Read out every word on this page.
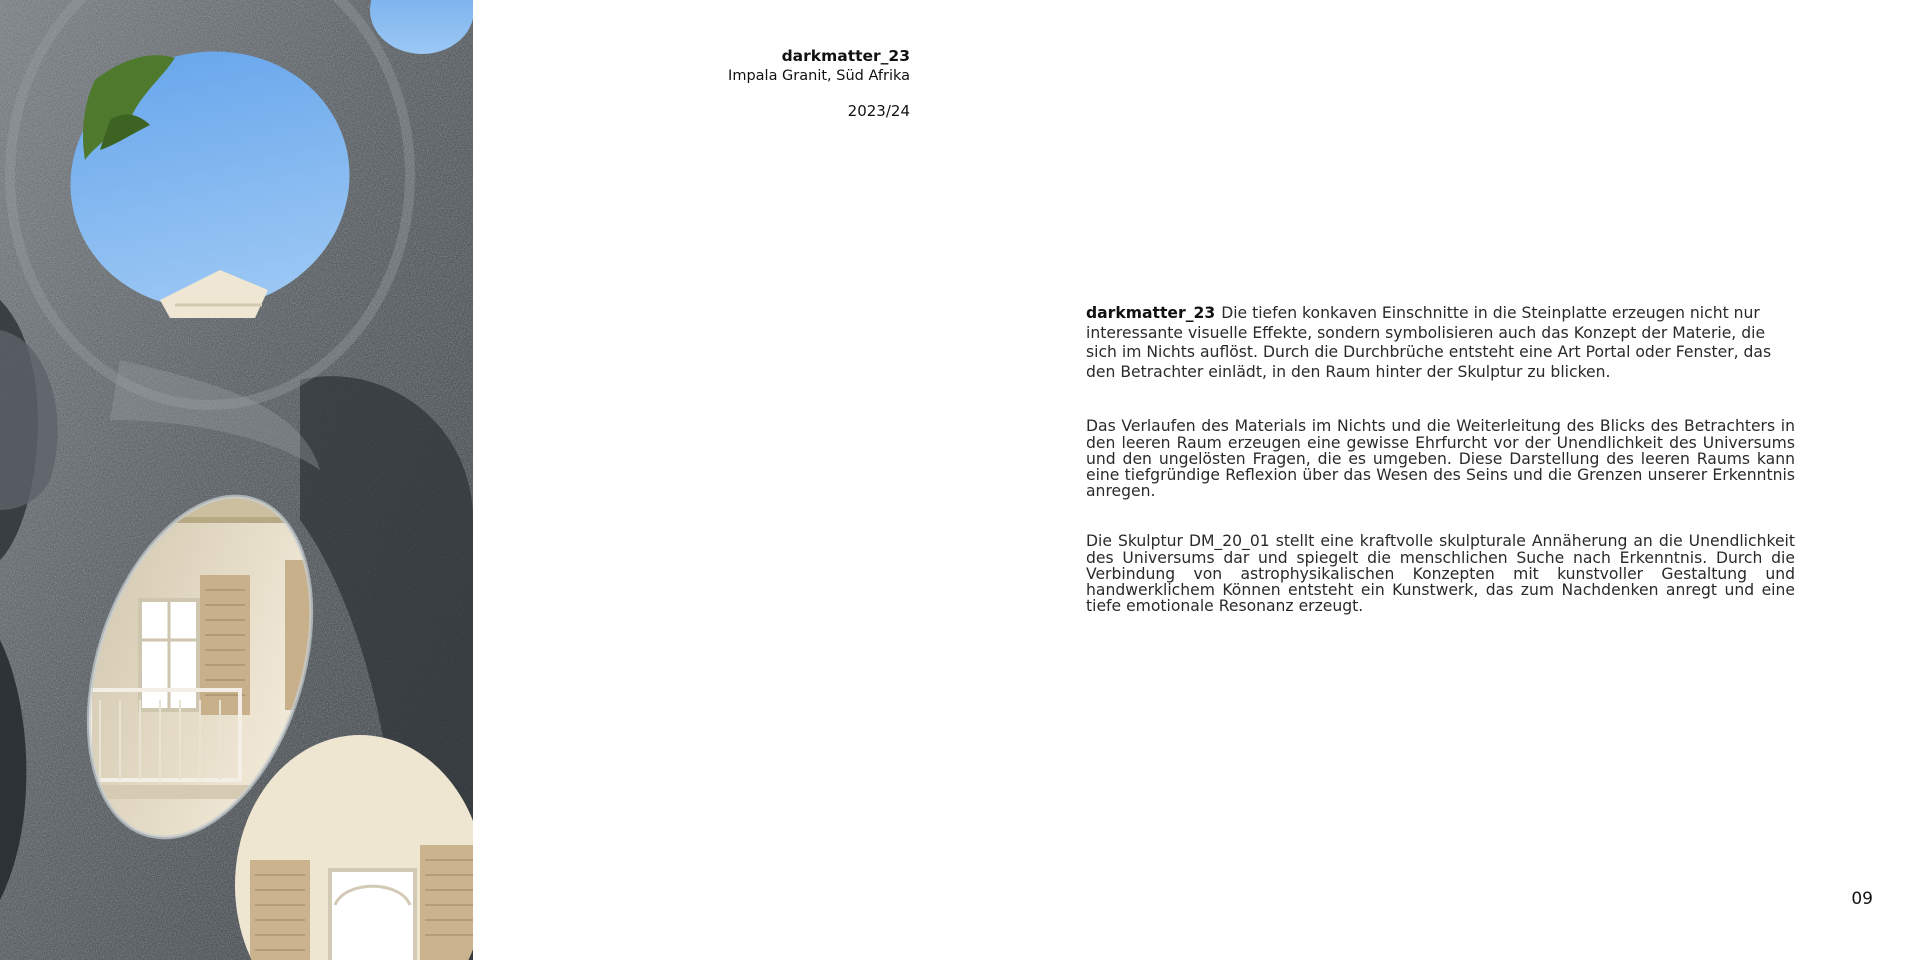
darkmatter_23
Impala Granit, Süd Afrika
2023/24

darkmatter_23 Die tiefen konkaven Einschnitte in die Steinplatte erzeugen nicht nur interessante visuelle Effekte, sondern symbolisieren auch das Konzept der Materie, die sich im Nichts auflöst. Durch die Durchbrüche entsteht eine Art Portal oder Fenster, das den Betrachter einlädt, in den Raum hinter der Skulptur zu blicken.

Das Verlaufen des Materials im Nichts und die Weiterleitung des Blicks des Betrachters in den leeren Raum erzeugen eine gewisse Ehrfurcht vor der Unendlichkeit des Universums und den ungelösten Fragen, die es umgeben. Diese Darstellung des leeren Raums kann eine tiefgründige Reflexion über das Wesen des Seins und die Grenzen unserer Erkenntnis anregen.

Die Skulptur DM_20_01 stellt eine kraftvolle skulpturale Annäherung an die Unendlichkeit des Universums dar und spiegelt die menschlichen Suche nach Erkenntnis. Durch die Verbindung von astrophysikalischen Konzepten mit kunstvoller Gestaltung und handwerklichem Können entsteht ein Kunstwerk, das zum Nachdenken anregt und eine tiefe emotionale Resonanz erzeugt.

09
